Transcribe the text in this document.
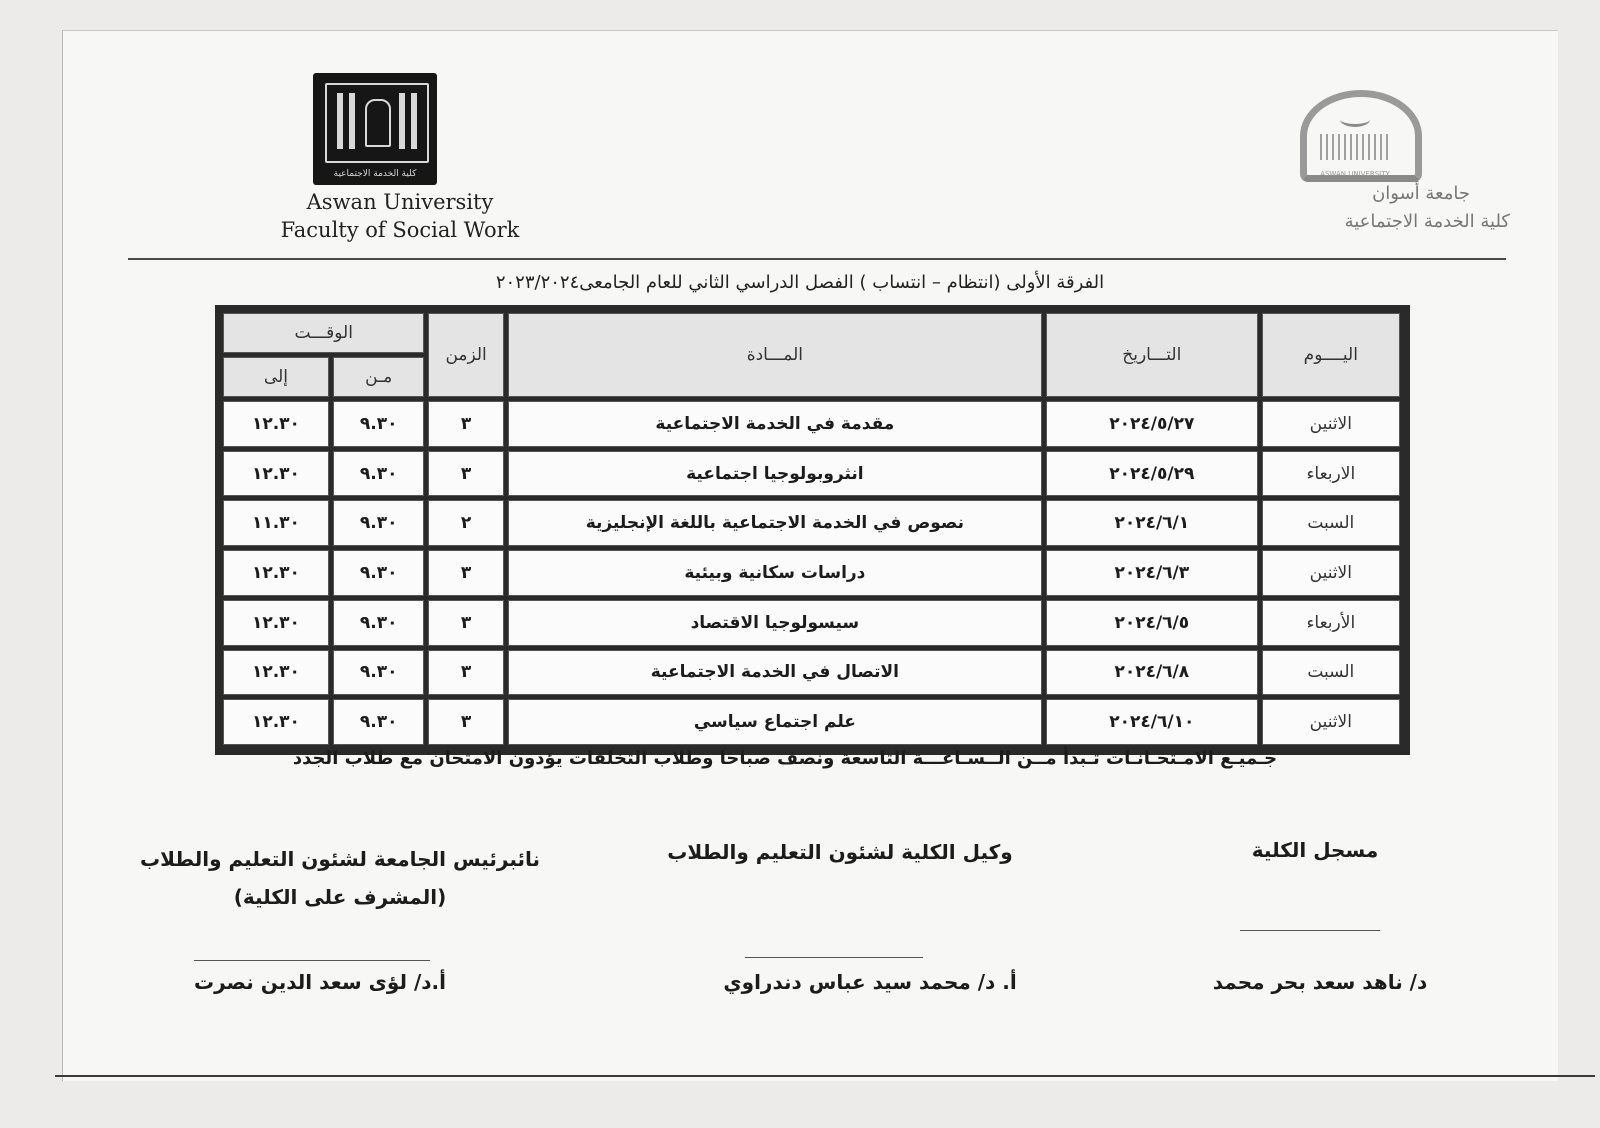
كلية الخدمة الاجتماعية
Aswan University
Faculty of Social Work
ASWAN UNIVERSITY
جامعة أسوان
كلية الخدمة الاجتماعية
الفرقة الأولى (انتظام – انتساب ) الفصل الدراسي الثاني للعام الجامعى٢٠٢٣/٢٠٢٤
اليــــوم	التـــاريخ	المـــادة	الزمن	الوقـــت	
				مـن	إلى
الاثنين	٢٠٢٤/٥/٢٧	مقدمة في الخدمة الاجتماعية	٣	٩.٣٠	١٢.٣٠
الاربعاء	٢٠٢٤/٥/٢٩	انثروبولوجيا اجتماعية	٣	٩.٣٠	١٢.٣٠
السبت	٢٠٢٤/٦/١	نصوص في الخدمة الاجتماعية باللغة الإنجليزية	٢	٩.٣٠	١١.٣٠
الاثنين	٢٠٢٤/٦/٣	دراسات سكانية وبيئية	٣	٩.٣٠	١٢.٣٠
الأربعاء	٢٠٢٤/٦/٥	سيسولوجيا الاقتصاد	٣	٩.٣٠	١٢.٣٠
السبت	٢٠٢٤/٦/٨	الاتصال في الخدمة الاجتماعية	٣	٩.٣٠	١٢.٣٠
الاثنين	٢٠٢٤/٦/١٠	علم اجتماع سياسي	٣	٩.٣٠	١٢.٣٠
جـميـع الامـتحـانـات تـبدأ مــن الــسـاعـــة التاسعة ونصف صباحا وطلاب التخلفات يؤدون الامتحان مع طلاب الجدد
مسجل الكلية
وكيل الكلية لشئون التعليم والطلاب
نائبرئيس الجامعة لشئون التعليم والطلاب
(المشرف على الكلية)
د/ ناهد سعد بحر محمد
أ. د/ محمد سيد عباس دندراوي
أ.د/ لؤى سعد الدين نصرت
